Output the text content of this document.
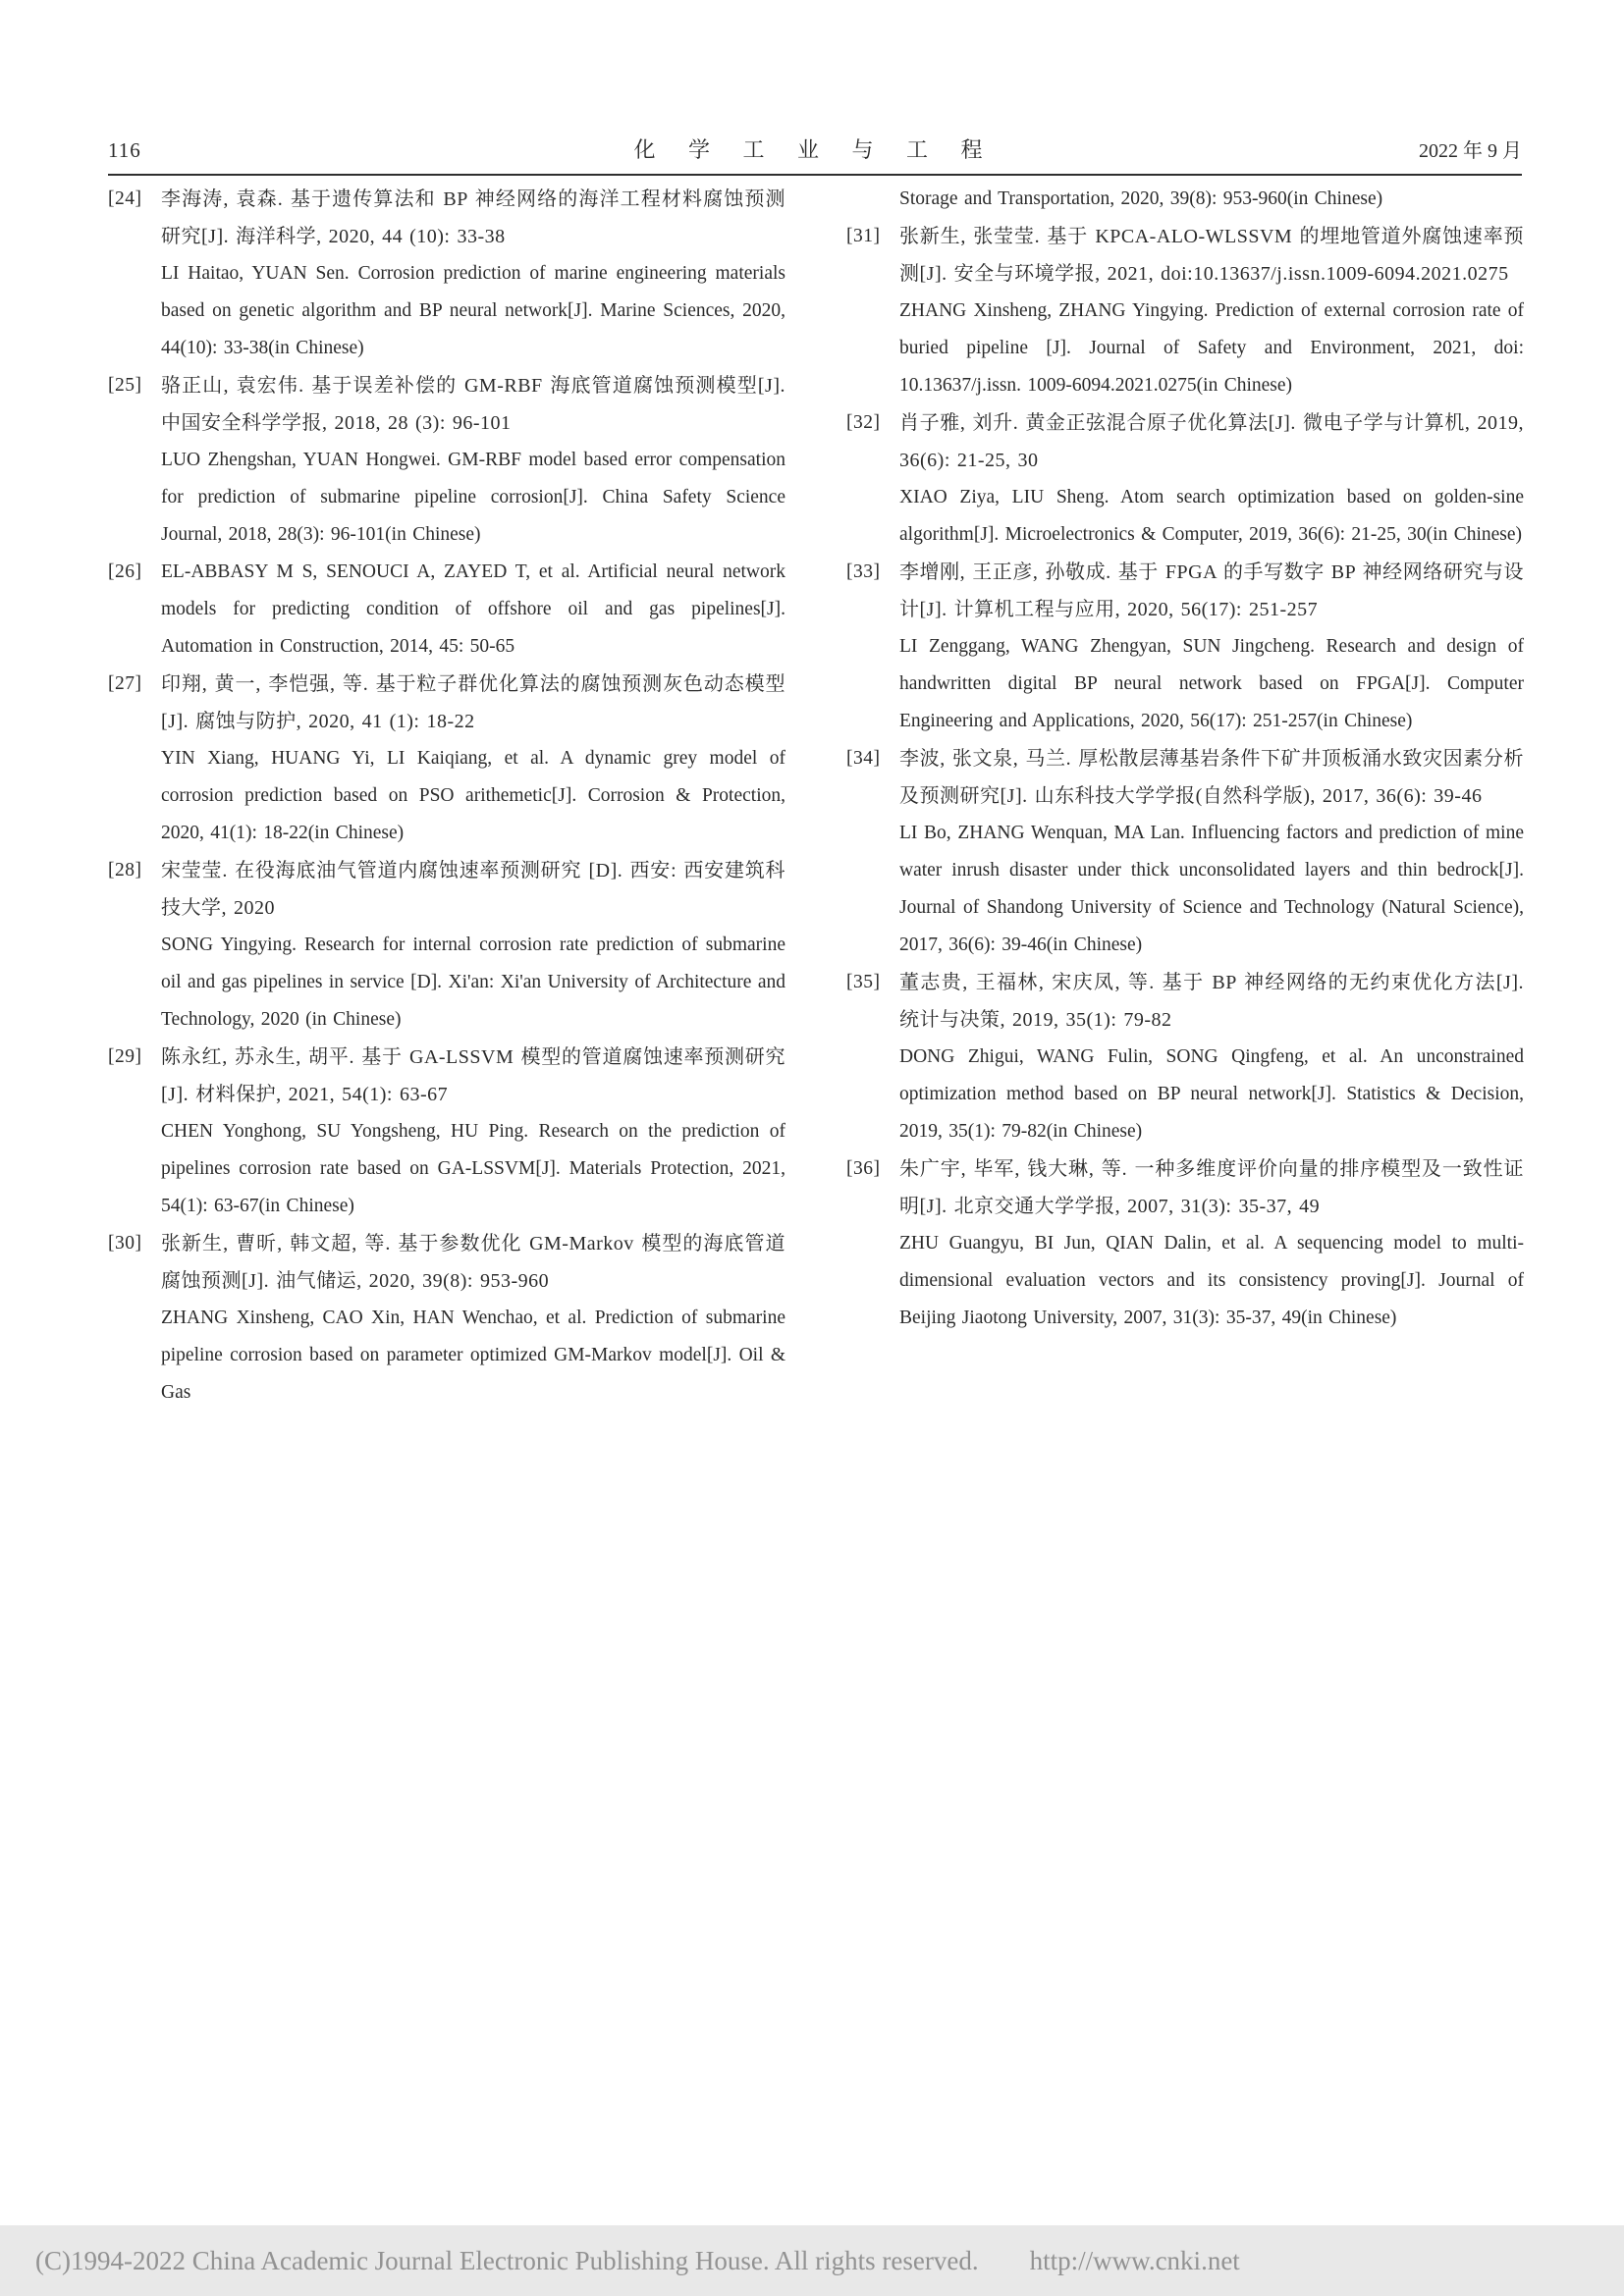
116	化 学 工 业 与 工 程	2022 年 9 月
[24] 李海涛, 袁森. 基于遗传算法和 BP 神经网络的海洋工程材料腐蚀预测研究[J]. 海洋科学, 2020, 44 (10): 33-38
LI Haitao, YUAN Sen. Corrosion prediction of marine engineering materials based on genetic algorithm and BP neural network[J]. Marine Sciences, 2020, 44(10): 33-38(in Chinese)
[25] 骆正山, 袁宏伟. 基于误差补偿的 GM-RBF 海底管道腐蚀预测模型[J]. 中国安全科学学报, 2018, 28 (3): 96-101
LUO Zhengshan, YUAN Hongwei. GM-RBF model based error compensation for prediction of submarine pipeline corrosion[J]. China Safety Science Journal, 2018, 28(3): 96-101(in Chinese)
[26]	EL-ABBASY M S, SENOUCI A, ZAYED T, et al. Artificial neural network models for predicting condition of offshore oil and gas pipelines[J]. Automation in Construction, 2014, 45: 50-65
[27] 印翔, 黄一, 李恺强, 等. 基于粒子群优化算法的腐蚀预测灰色动态模型[J]. 腐蚀与防护, 2020, 41 (1): 18-22
YIN Xiang, HUANG Yi, LI Kaiqiang, et al. A dynamic grey model of corrosion prediction based on PSO arithemetic[J]. Corrosion & Protection, 2020, 41(1): 18-22(in Chinese)
[28] 宋莹莹. 在役海底油气管道内腐蚀速率预测研究 [D]. 西安: 西安建筑科技大学, 2020
SONG Yingying. Research for internal corrosion rate prediction of submarine oil and gas pipelines in service [D]. Xi'an: Xi'an University of Architecture and Technology, 2020 (in Chinese)
[29] 陈永红, 苏永生, 胡平. 基于 GA-LSSVM 模型的管道腐蚀速率预测研究[J]. 材料保护, 2021, 54(1): 63-67
CHEN Yonghong, SU Yongsheng, HU Ping. Research on the prediction of pipelines corrosion rate based on GA-LSSVM[J]. Materials Protection, 2021, 54(1): 63-67(in Chinese)
[30] 张新生, 曹昕, 韩文超, 等. 基于参数优化 GM-Markov 模型的海底管道腐蚀预测[J]. 油气储运, 2020, 39(8): 953-960
ZHANG Xinsheng, CAO Xin, HAN Wenchao, et al. Prediction of submarine pipeline corrosion based on parameter optimized GM-Markov model[J]. Oil & Gas
Storage and Transportation, 2020, 39(8): 953-960(in Chinese)
[31] 张新生, 张莹莹. 基于 KPCA-ALO-WLSSVM 的埋地管道外腐蚀速率预测[J]. 安全与环境学报, 2021, doi:10.13637/j.issn.1009-6094.2021.0275
ZHANG Xinsheng, ZHANG Yingying. Prediction of external corrosion rate of buried pipeline [J]. Journal of Safety and Environment, 2021, doi: 10.13637/j.issn. 1009-6094.2021.0275(in Chinese)
[32] 肖子雅, 刘升. 黄金正弦混合原子优化算法[J]. 微电子学与计算机, 2019, 36(6): 21-25, 30
XIAO Ziya, LIU Sheng. Atom search optimization based on golden-sine algorithm[J]. Microelectronics & Computer, 2019, 36(6): 21-25, 30(in Chinese)
[33] 李增刚, 王正彦, 孙敬成. 基于 FPGA 的手写数字 BP 神经网络研究与设计[J]. 计算机工程与应用, 2020, 56(17): 251-257
LI Zenggang, WANG Zhengyan, SUN Jingcheng. Research and design of handwritten digital BP neural network based on FPGA[J]. Computer Engineering and Applications, 2020, 56(17): 251-257(in Chinese)
[34] 李波, 张文泉, 马兰. 厚松散层薄基岩条件下矿井顶板涌水致灾因素分析及预测研究[J]. 山东科技大学学报(自然科学版), 2017, 36(6): 39-46
LI Bo, ZHANG Wenquan, MA Lan. Influencing factors and prediction of mine water inrush disaster under thick unconsolidated layers and thin bedrock[J]. Journal of Shandong University of Science and Technology (Natural Science), 2017, 36(6): 39-46(in Chinese)
[35] 董志贵, 王福林, 宋庆凤, 等. 基于 BP 神经网络的无约束优化方法[J]. 统计与决策, 2019, 35(1): 79-82
DONG Zhigui, WANG Fulin, SONG Qingfeng, et al. An unconstrained optimization method based on BP neural network[J]. Statistics & Decision, 2019, 35(1): 79-82(in Chinese)
[36] 朱广宇, 毕军, 钱大琳, 等. 一种多维度评价向量的排序模型及一致性证明[J]. 北京交通大学学报, 2007, 31(3): 35-37, 49
ZHU Guangyu, BI Jun, QIAN Dalin, et al. A sequencing model to multi-dimensional evaluation vectors and its consistency proving[J]. Journal of Beijing Jiaotong University, 2007, 31(3): 35-37, 49(in Chinese)
(C)1994-2022 China Academic Journal Electronic Publishing House. All rights reserved. http://www.cnki.net
